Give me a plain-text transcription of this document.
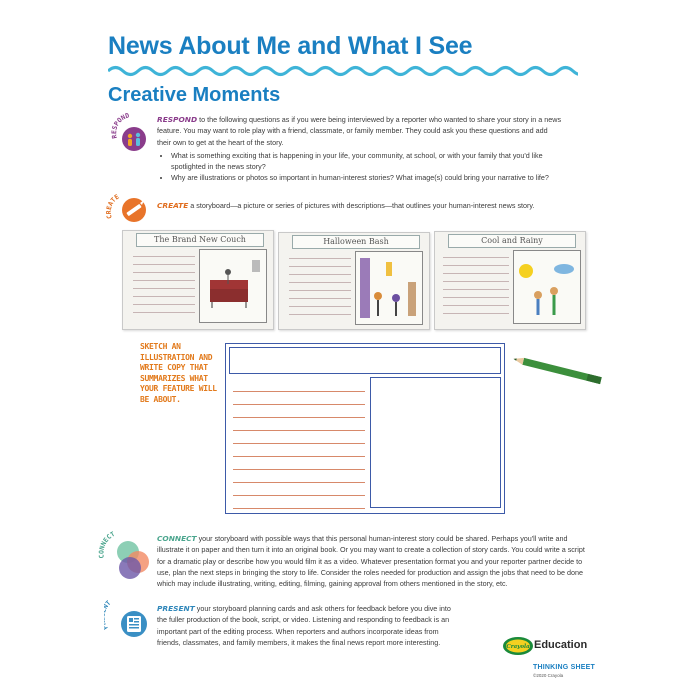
News About Me and What I See
Creative Moments
RESPOND	RESPOND to the following questions as if you were being interviewed by a reporter who wanted to share your story in a news feature. You may want to role play with a friend, classmate, or family member. They could ask you these questions and add their own to get at the heart of the story.
• What is something exciting that is happening in your life, your community, at school, or with your family that you'd like spotlighted in the news story?
• Why are illustrations or photos so important in human-interest stories? What image(s) could bring your narrative to life?
ATE
CREATE a storyboard—a picture or series of pictures with descriptions—that outlines your human-interest news story.
The Brand New Couch	Halloween Bash	Cool and Rainy
SKETCH AN ILLUSTRATION AND WRITE COPY THAT SUMMARIZES WHAT YOUR FEATURE WILL BE ABOUT.
CONNECT	CONNECT your storyboard with possible ways that this personal human-interest story could be shared. Perhaps you'll write and illustrate it on paper and then turn it into an original book. Or you may want to create a collection of story cards. You could write a script for a dramatic play or describe how you would film it as a video. Whatever presentation format you and your reporter partner decide to use, plan the next steps in bringing the story to life. Consider the roles needed for production and assign the jobs that need to be done which may include illustrating, writing, editing, filming, gaining approval from others mentioned in the story, etc.
T
PRESENT your storyboard planning cards and ask others for feedback before you dive into the fuller production of the book, script, or video. Listening and responding to feedback is an important part of the editing process. When reporters and authors incorporate ideas from friends, classmates, and family members, it makes the final news report more interesting.
Crayola Education
THINKING SHEET
©2020 Crayola
